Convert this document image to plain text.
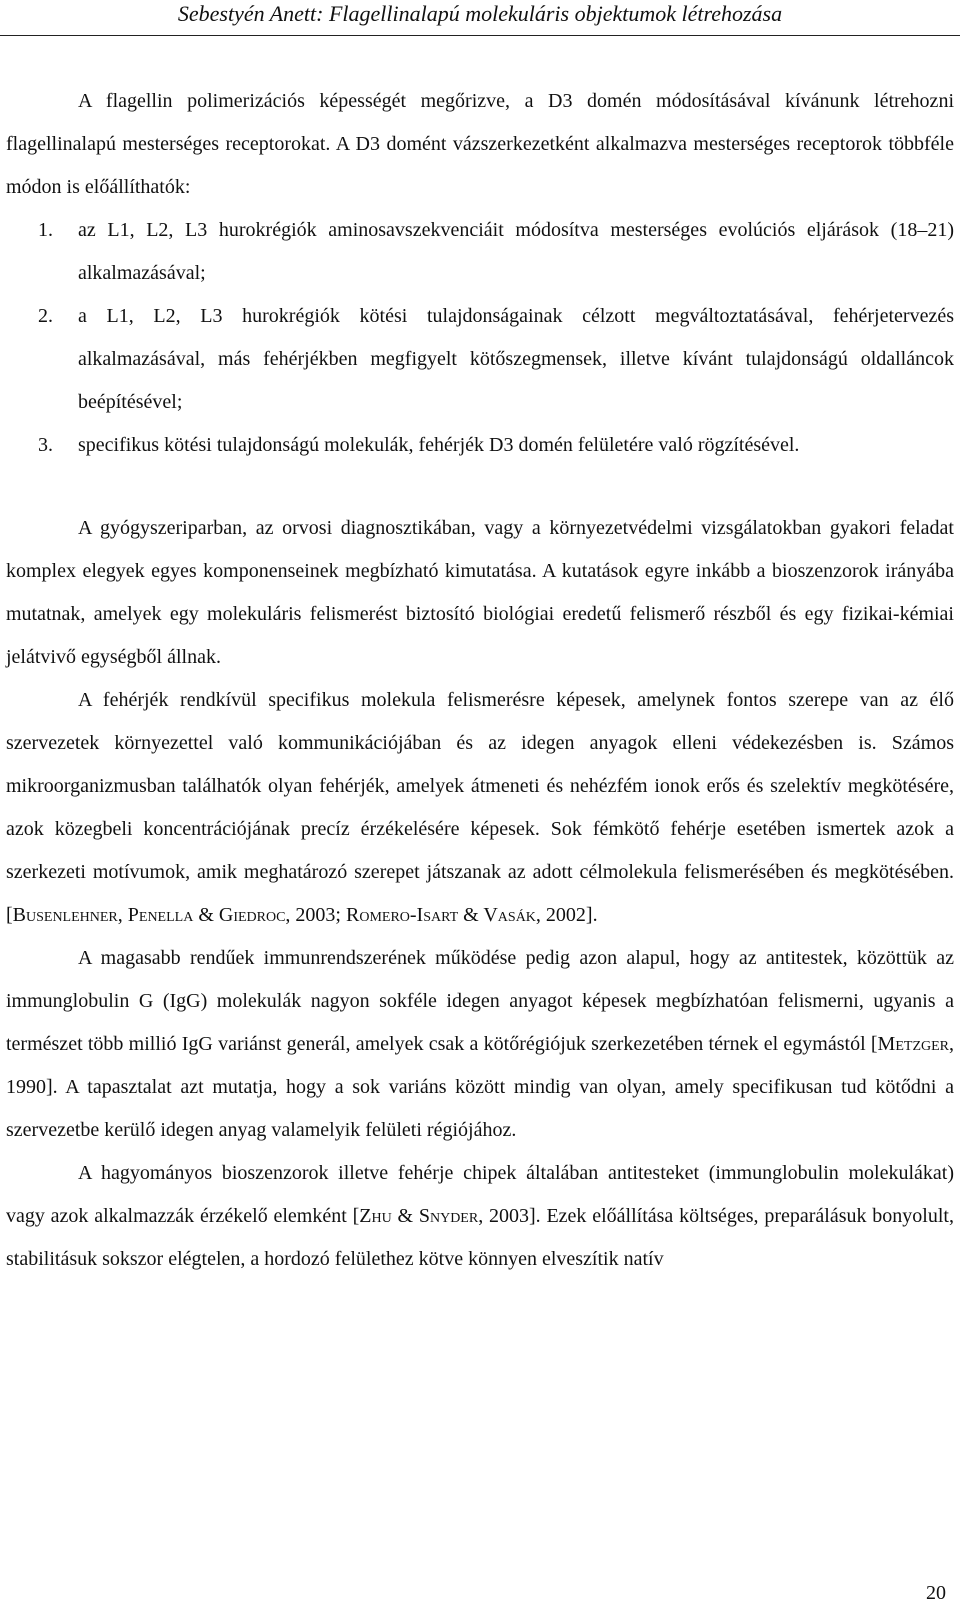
Sebestyén Anett: Flagellinalapú molekuláris objektumok létrehozása

A flagellin polimerizációs képességét megőrizve, a D3 domén módosításával kívánunk létrehozni flagellinalapú mesterséges receptorokat. A D3 domént vázszerkezetként alkalmazva mesterséges receptorok többféle módon is előállíthatók:

1. az L1, L2, L3 hurokrégiók aminosavszekvenciáit módosítva mesterséges evolúciós eljárások (18–21) alkalmazásával;
2. a L1, L2, L3 hurokrégiók kötési tulajdonságainak célzott megváltoztatásával, fehérjetervezés alkalmazásával, más fehérjékben megfigyelt kötőszegmensek, illetve kívánt tulajdonságú oldalláncok beépítésével;
3. specifikus kötési tulajdonságú molekulák, fehérjék D3 domén felületére való rögzítésével.

A gyógyszeriparban, az orvosi diagnosztikában, vagy a környezetvédelmi vizsgálatokban gyakori feladat komplex elegyek egyes komponenseinek megbízható kimutatása. A kutatások egyre inkább a bioszenzorok irányába mutatnak, amelyek egy molekuláris felismerést biztosító biológiai eredetű felismerő részből és egy fizikai-kémiai jelátvivő egységből állnak.

A fehérjék rendkívül specifikus molekula felismerésre képesek, amelynek fontos szerepe van az élő szervezetek környezettel való kommunikációjában és az idegen anyagok elleni védekezésben is. Számos mikroorganizmusban találhatók olyan fehérjék, amelyek átmeneti és nehézfém ionok erős és szelektív megkötésére, azok közegbeli koncentrációjának precíz érzékelésére képesek. Sok fémkötő fehérje esetében ismertek azok a szerkezeti motívumok, amik meghatározó szerepet játszanak az adott célmolekula felismerésében és megkötésében. [Busenlehner, Penella & Giedroc, 2003; Romero-Isart & Vasák, 2002].

A magasabb rendűek immunrendszerének működése pedig azon alapul, hogy az antitestek, közöttük az immunglobulin G (IgG) molekulák nagyon sokféle idegen anyagot képesek megbízhatóan felismerni, ugyanis a természet több millió IgG variánst generál, amelyek csak a kötőrégiójuk szerkezetében térnek el egymástól [Metzger, 1990]. A tapasztalat azt mutatja, hogy a sok variáns között mindig van olyan, amely specifikusan tud kötődni a szervezetbe kerülő idegen anyag valamelyik felületi régiójához.

A hagyományos bioszenzorok illetve fehérje chipek általában antitesteket (immunglobulin molekulákat) vagy azok alkalmazzák érzékelő elemként [Zhu & Snyder, 2003]. Ezek előállítása költséges, preparálásuk bonyolult, stabilitásuk sokszor elégtelen, a hordozó felülethez kötve könnyen elveszítik natív

20
